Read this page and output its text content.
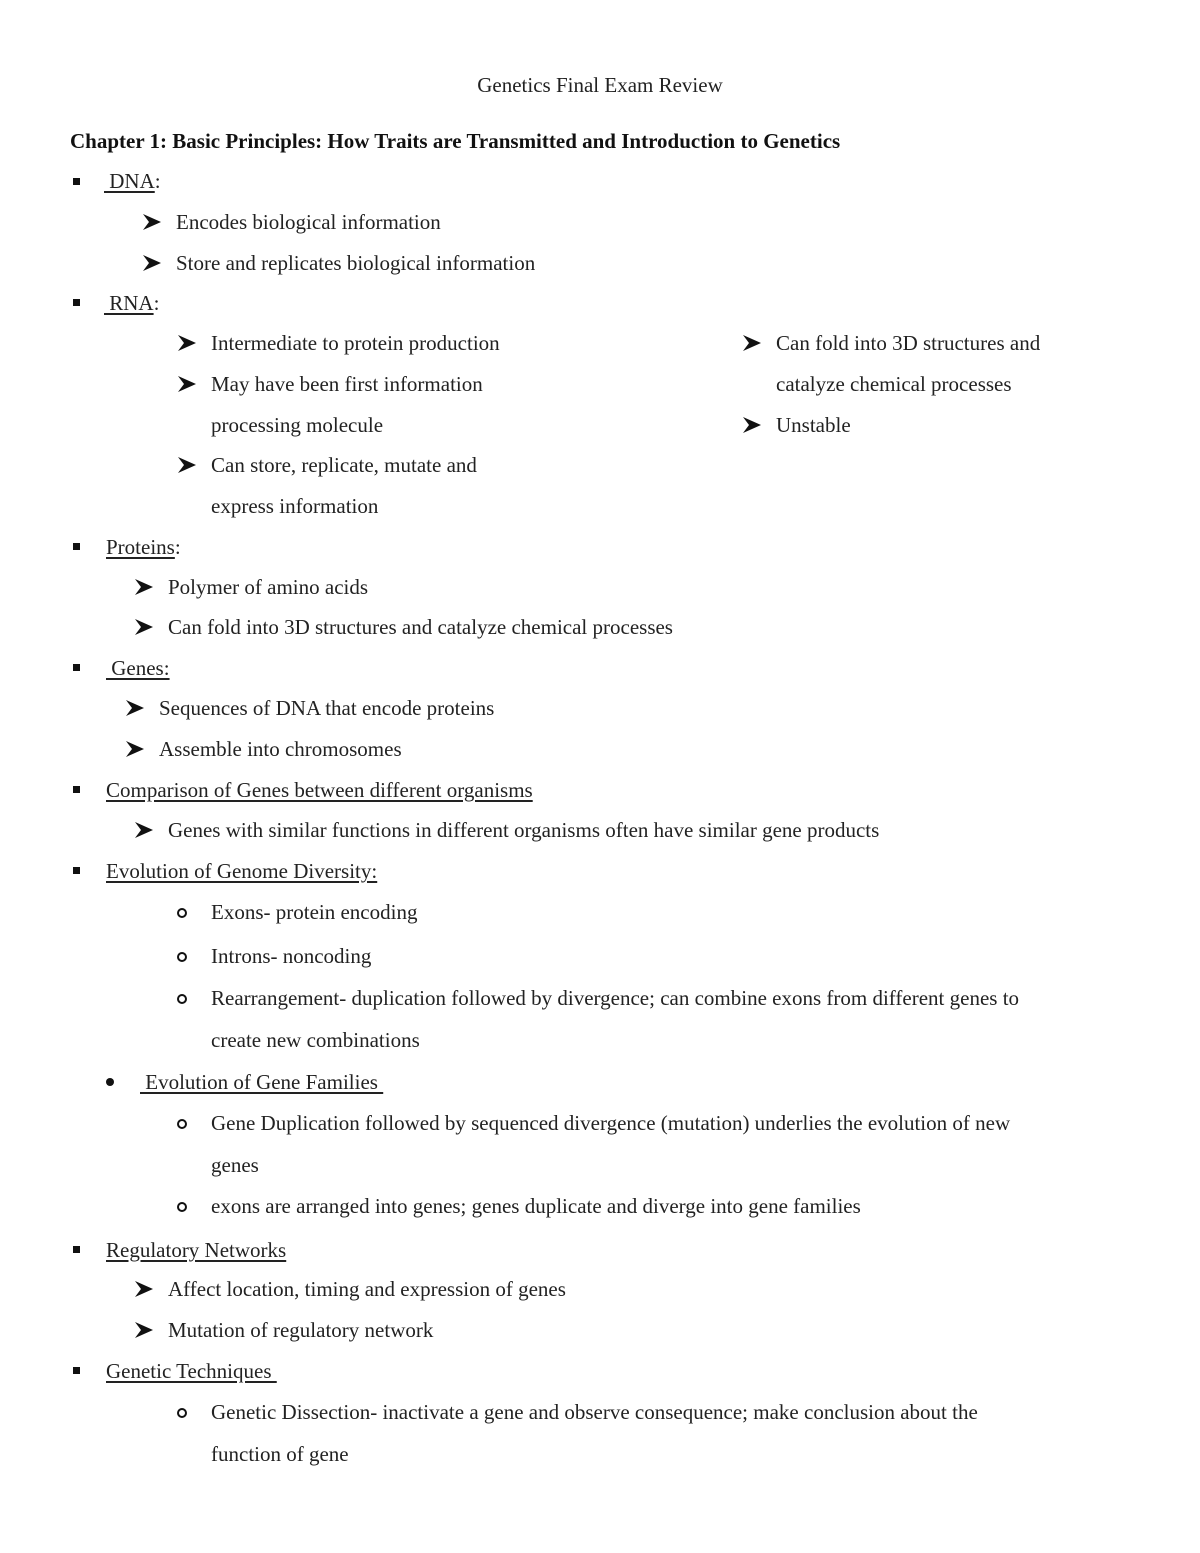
Genetics Final Exam Review
Chapter 1: Basic Principles: How Traits are Transmitted and Introduction to Genetics
DNA:
Encodes biological information
Store and replicates biological information
RNA:
Intermediate to protein production
May have been first information
processing molecule
Can store, replicate, mutate and
express information
Can fold into 3D structures and
catalyze chemical processes
Unstable
Proteins:
Polymer of amino acids
Can fold into 3D structures and catalyze chemical processes
Genes:
Sequences of DNA that encode proteins
Assemble into chromosomes
Comparison of Genes between different organisms
Genes with similar functions in different organisms often have similar gene products
Evolution of Genome Diversity:
Exons- protein encoding
Introns- noncoding
Rearrangement- duplication followed by divergence; can combine exons from different genes to
create new combinations
Evolution of Gene Families
Gene Duplication followed by sequenced divergence (mutation) underlies the evolution of new
genes
exons are arranged into genes; genes duplicate and diverge into gene families
Regulatory Networks
Affect location, timing and expression of genes
Mutation of regulatory network
Genetic Techniques
Genetic Dissection- inactivate a gene and observe consequence; make conclusion about the
function of gene
